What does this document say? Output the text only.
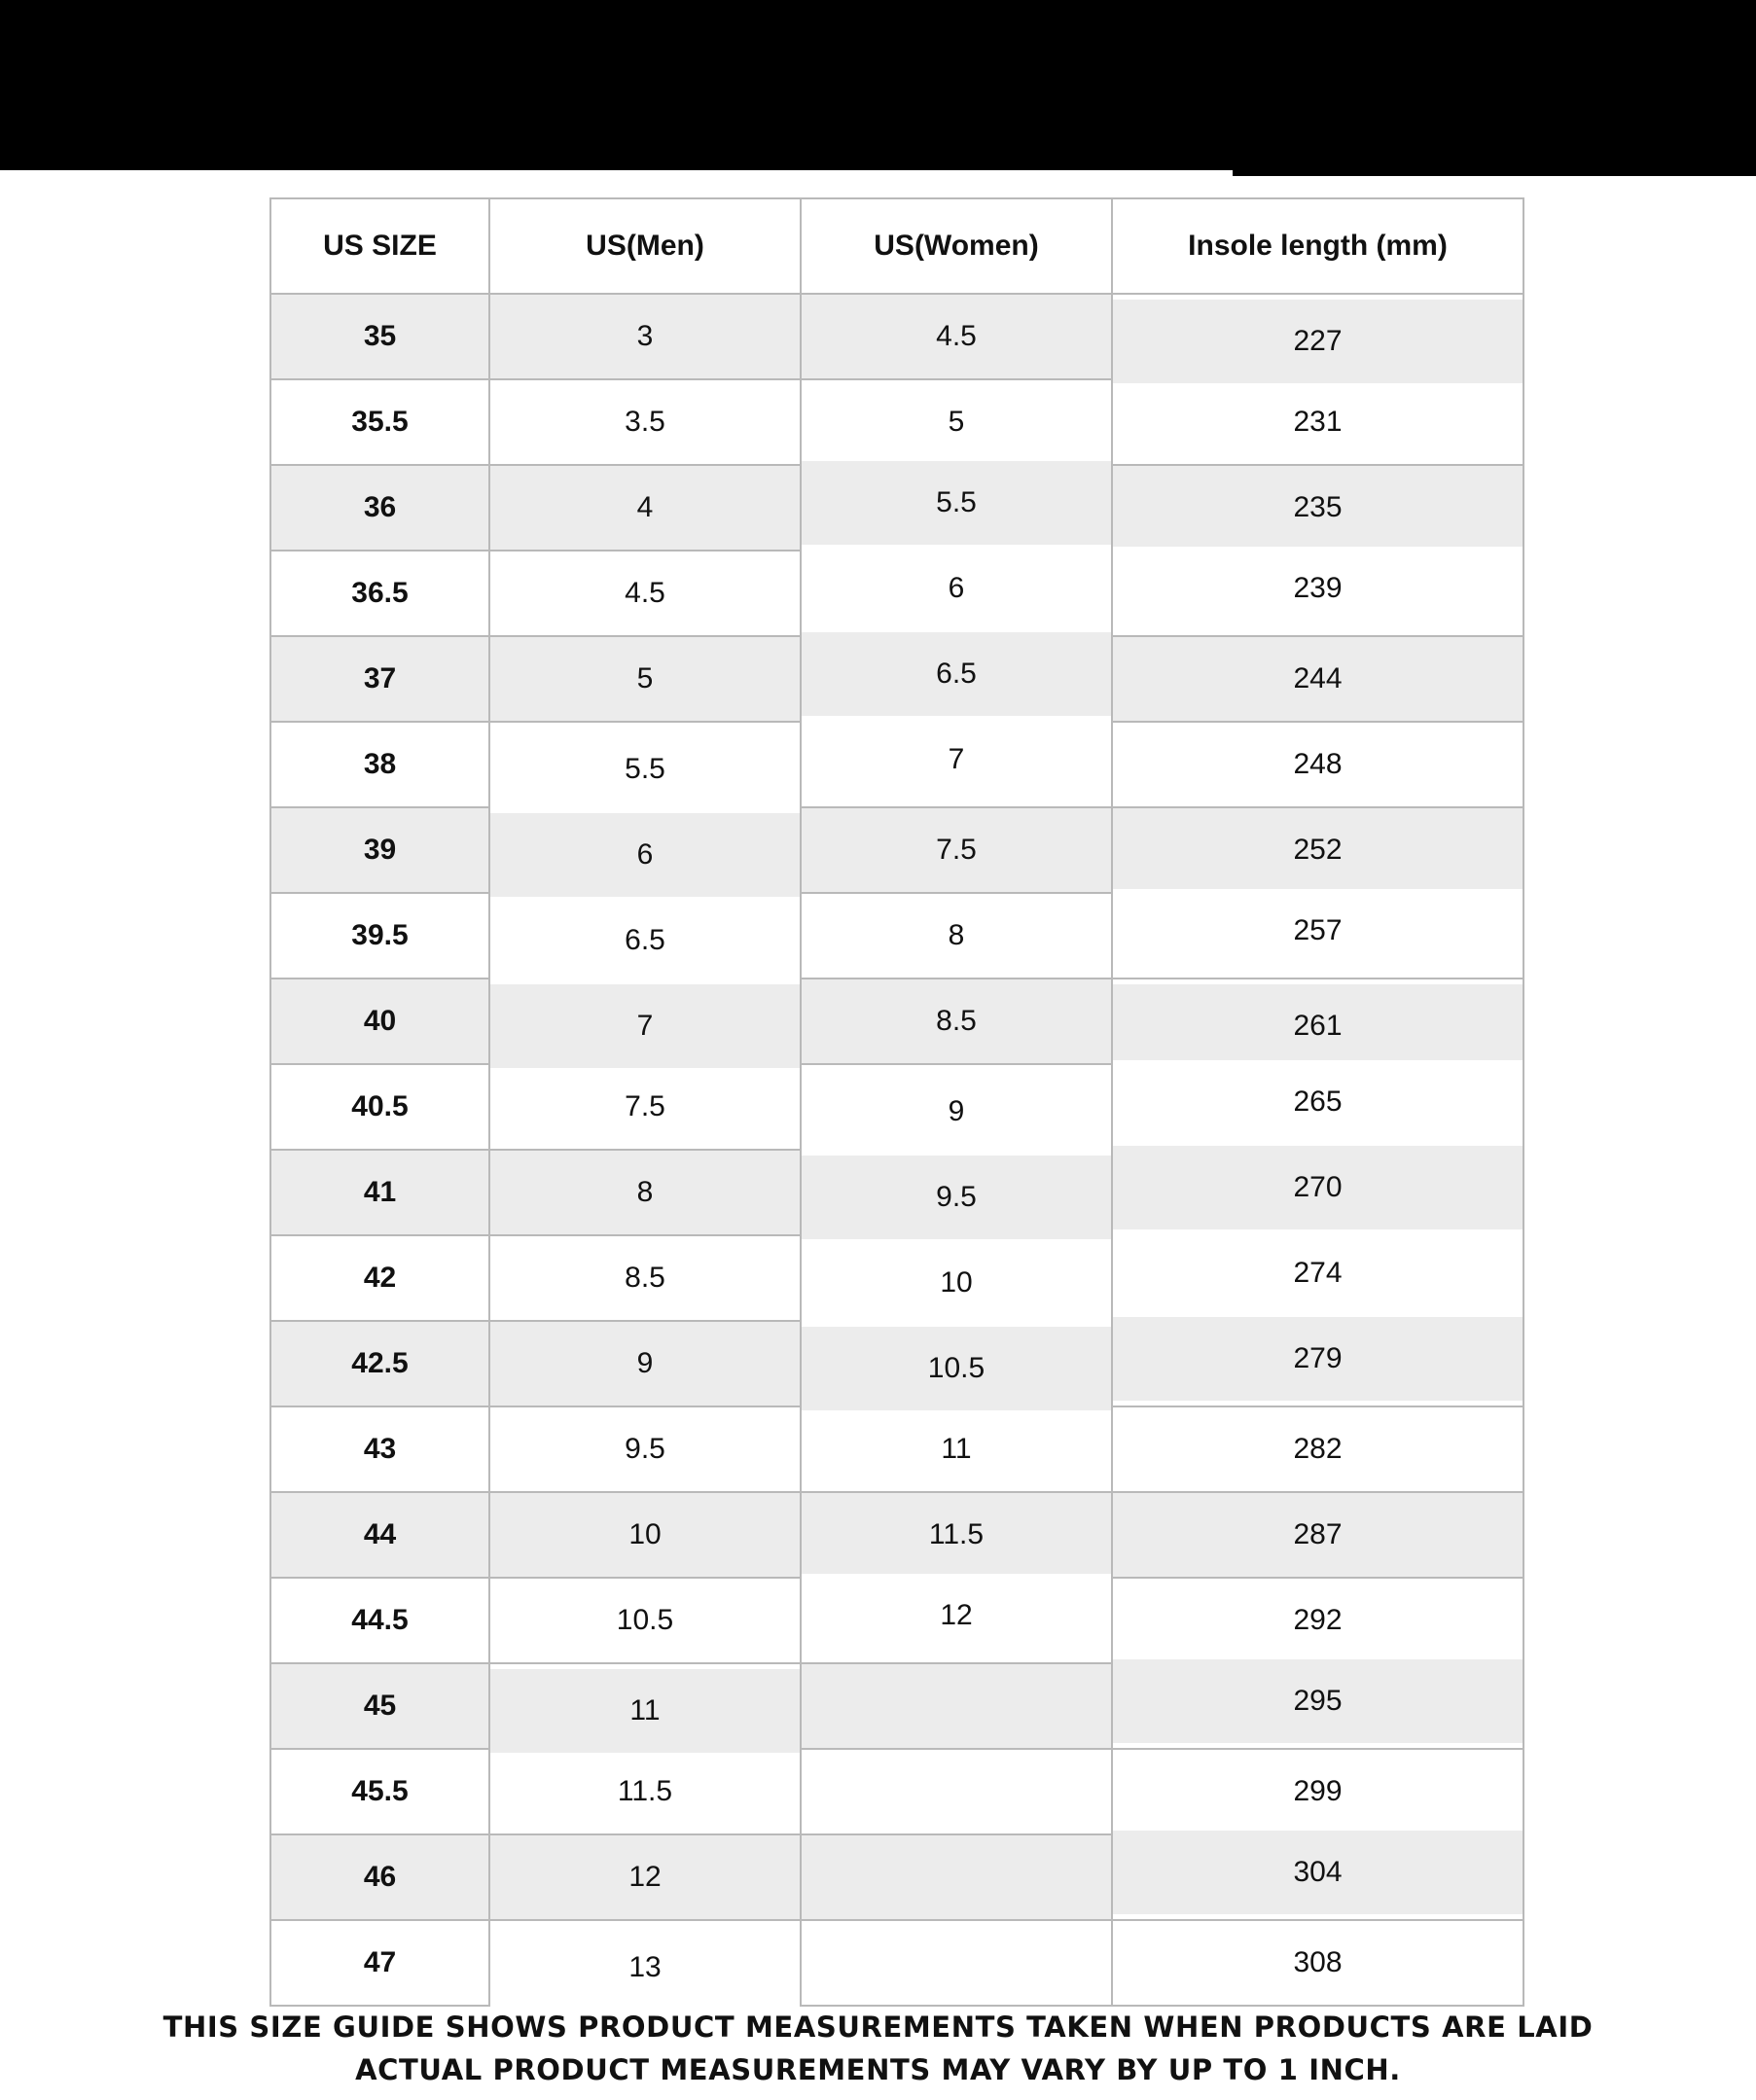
US SIZE	US(Men)	US(Women)	Insole length (mm)
35	3	4.5	227
35.5	3.5	5	231
36	4	5.5	235
36.5	4.5	6	239
37	5	6.5	244
38	5.5	7	248
39	6	7.5	252
39.5	6.5	8	257
40	7	8.5	261
40.5	7.5	9	265
41	8	9.5	270
42	8.5	10	274
42.5	9	10.5	279
43	9.5	11	282
44	10	11.5	287
44.5	10.5	12	292
45	11		295
45.5	11.5		299
46	12		304
47	13		308
THIS SIZE GUIDE SHOWS PRODUCT MEASUREMENTS TAKEN WHEN PRODUCTS ARE LAID
ACTUAL PRODUCT MEASUREMENTS MAY VARY BY UP TO 1 INCH.
